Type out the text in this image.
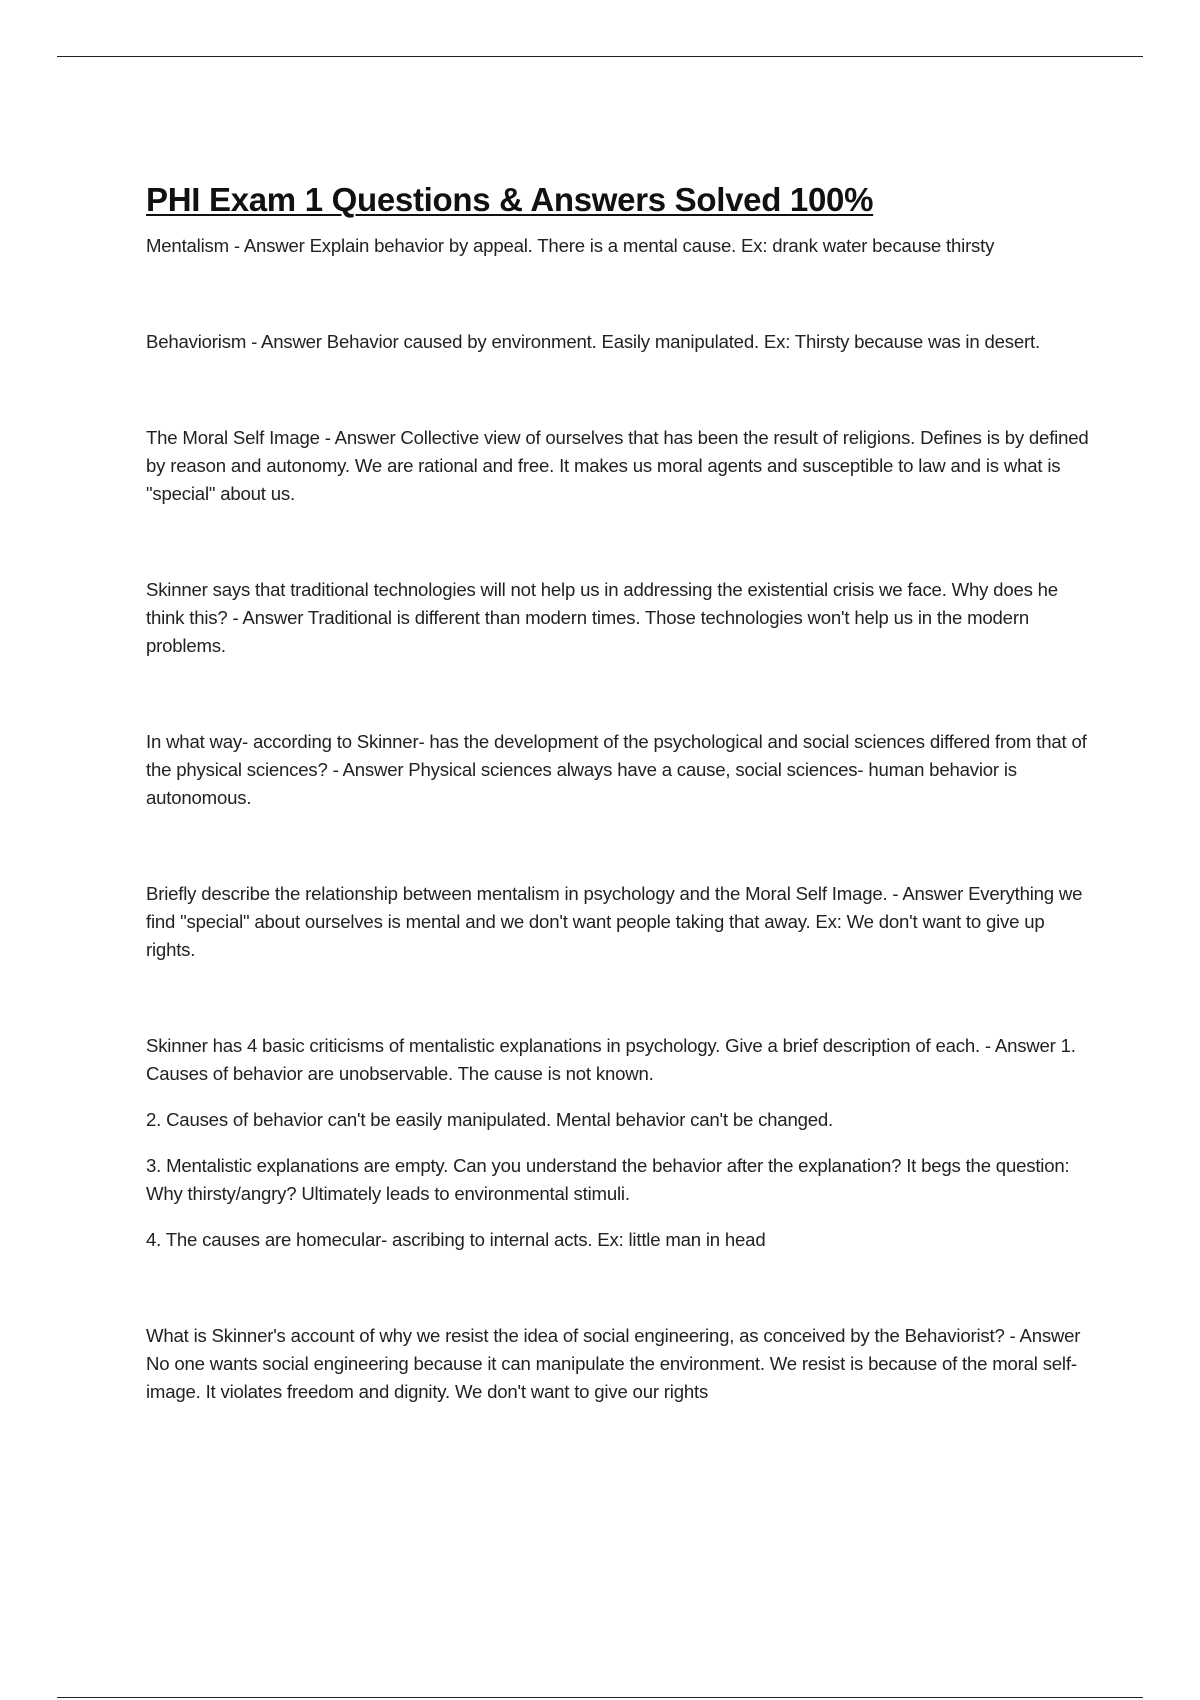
PHI Exam 1 Questions & Answers Solved 100%

Mentalism - Answer Explain behavior by appeal. There is a mental cause. Ex: drank water because thirsty

Behaviorism - Answer Behavior caused by environment. Easily manipulated. Ex: Thirsty because was in desert.

The Moral Self Image - Answer Collective view of ourselves that has been the result of religions. Defines is by defined by reason and autonomy. We are rational and free. It makes us moral agents and susceptible to law and is what is "special" about us.

Skinner says that traditional technologies will not help us in addressing the existential crisis we face. Why does he think this? - Answer Traditional is different than modern times. Those technologies won't help us in the modern problems.

In what way- according to Skinner- has the development of the psychological and social sciences differed from that of the physical sciences? - Answer Physical sciences always have a cause, social sciences- human behavior is autonomous.

Briefly describe the relationship between mentalism in psychology and the Moral Self Image. - Answer Everything we find "special" about ourselves is mental and we don't want people taking that away. Ex: We don't want to give up rights.

Skinner has 4 basic criticisms of mentalistic explanations in psychology. Give a brief description of each. - Answer 1. Causes of behavior are unobservable. The cause is not known.

2. Causes of behavior can't be easily manipulated. Mental behavior can't be changed.

3. Mentalistic explanations are empty. Can you understand the behavior after the explanation? It begs the question: Why thirsty/angry? Ultimately leads to environmental stimuli.

4. The causes are homecular- ascribing to internal acts. Ex: little man in head

What is Skinner's account of why we resist the idea of social engineering, as conceived by the Behaviorist? - Answer No one wants social engineering because it can manipulate the environment. We resist is because of the moral self-image. It violates freedom and dignity. We don't want to give our rights
